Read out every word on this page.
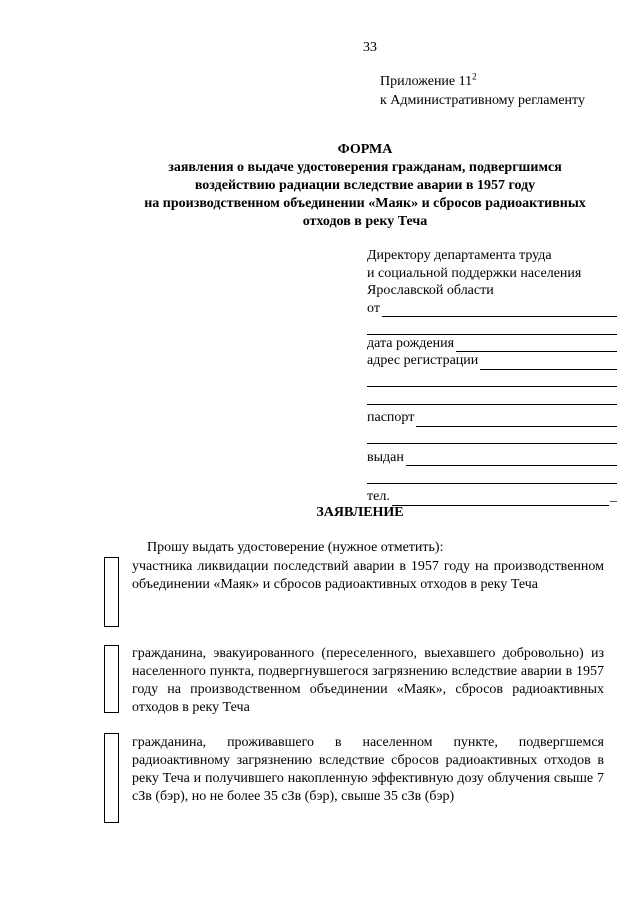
33
Приложение $11^2$
к Административному регламенту
ФОРМА
заявления о выдаче удостоверения гражданам, подвергшимся
воздействию радиации вследствие аварии в 1957 году
на производственном объединении «Маяк» и сбросов радиоактивных
отходов в реку Теча
Директору департамента труда
и социальной поддержки населения
Ярославской области
от
дата рождения
адрес регистрации
паспорт
выдан
тел.	_
ЗАЯВЛЕНИЕ
Прошу выдать удостоверение (нужное отметить):
участника ликвидации последствий аварии в 1957 году на производственном объединении «Маяк» и сбросов радиоактивных отходов в реку Теча
гражданина, эвакуированного (переселенного, выехавшего добровольно) из населенного пункта, подвергнувшегося загрязнению вследствие аварии в 1957 году на производственном объединении «Маяк», сбросов радиоактивных отходов в реку Теча
гражданина, проживавшего в населенном пункте, подвергшемся радиоактивному загрязнению вследствие сбросов радиоактивных отходов в реку Теча и получившего накопленную эффективную дозу облучения свыше 7 сЗв (бэр), но не более 35 сЗв (бэр), свыше 35 сЗв (бэр)
